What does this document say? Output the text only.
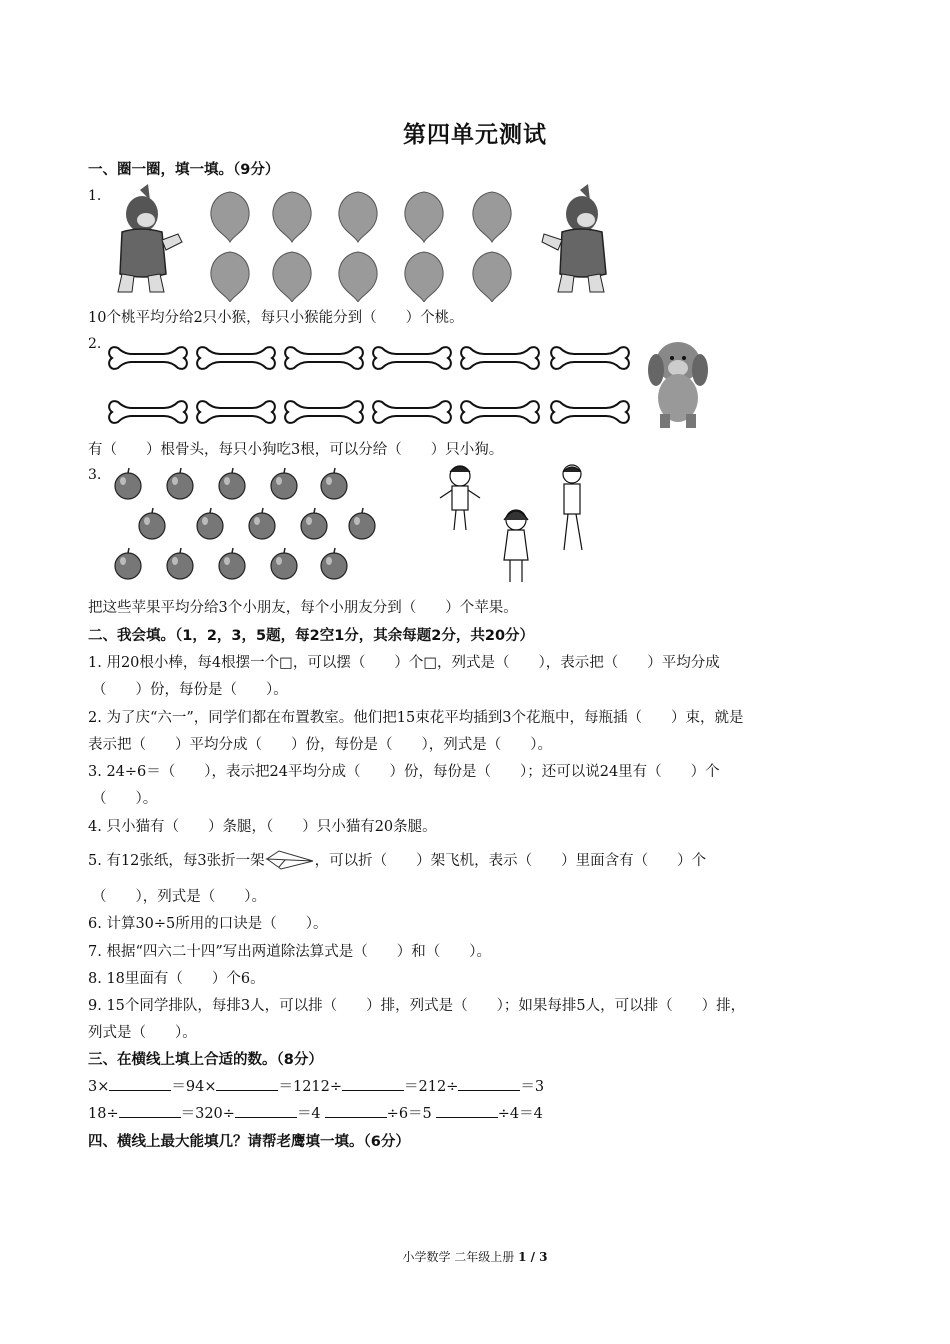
第四单元测试
一、圈一圈，填一填。（9分）
1.
10个桃平均分给2只小猴，每只小猴能分到（　　）个桃。
2.
有（　　）根骨头，每只小狗吃3根，可以分给（　　）只小狗。
3.
把这些苹果平均分给3个小朋友，每个小朋友分到（　　）个苹果。
二、我会填。（1，2，3，5题，每2空1分，其余每题2分，共20分）
1. 用20根小棒，每4根摆一个□，可以摆（　　）个□，列式是（　　），表示把（　　）平均分成
（　　）份，每份是（　　）。
2. 为了庆“六一”，同学们都在布置教室。他们把15束花平均插到3个花瓶中，每瓶插（　　）束，就是
表示把（　　）平均分成（　　）份，每份是（　　），列式是（　　）。
3. 24÷6＝（　　），表示把24平均分成（　　）份，每份是（　　）；还可以说24里有（　　）个
（　　）。
4. 只小猫有（　　）条腿，（　　）只小猫有20条腿。
5. 有12张纸，每3张折一架	，可以折（　　）架飞机，表示（　　）里面含有（　　）个
（　　），列式是（　　）。
6. 计算30÷5所用的口诀是（　　）。
7. 根据“四六二十四”写出两道除法算式是（　　）和（　　）。
8. 18里面有（　　）个6。
9. 15个同学排队，每排3人，可以排（　　）排，列式是（　　）；如果每排5人，可以排（　　）排，
列式是（　　）。
三、在横线上填上合适的数。（8分）
3×	＝94×	＝1212÷	＝212÷	＝3
18÷	＝320÷	＝4	÷6＝5	÷4＝4
四、横线上最大能填几？请帮老鹰填一填。（6分）
小学数学 二年级上册 1 / 3
